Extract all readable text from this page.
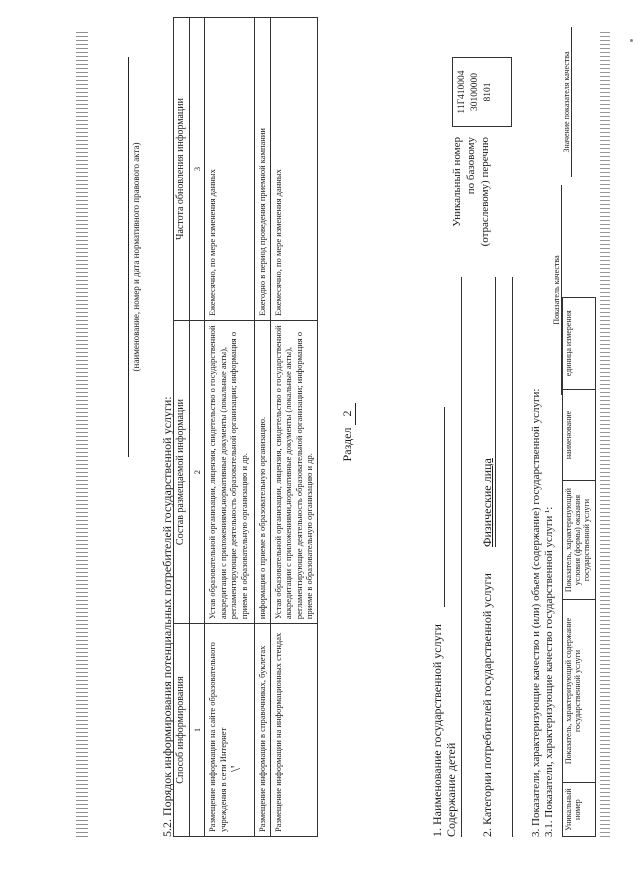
(наименование, номер и дата нормативного правового акта)
5.2. Порядок информирования потенциальных потребителей государственной услуги: Способ информирования	Состав размещаемой информации	Частота обновления информации
1	2	3
Размещение информации на сайте образовательного учреждения в сети Интернет \'	Устав образовательной организации, лицензия, свидетельство о государственной аккредитации с приложениями,нормативные документы (локальные акты), регламентирующие деятельность образовательной организации; информация о приеме в образовательную организацию и др.	Ежемесячно, по мере изменения данных
Размещение информации в справочниках, буклетах	информация о приеме в образовательную организацию.	Ежегодно в период проведения приемной кампании
Размещение информации на информационных стендах	Устав образовательной организации, лицензия, свидетельство о государственной аккредитации с приложениями,нормативные документы (локальные акты), регламентирующие деятельность образовательной организации; информация о приеме в образовательную организацию и др.	Ежемесячно, по мере изменения данных
Раздел 2
1. Наименование государственной услуги Содержание детей 2. Категории потребителей государственной услуги
Физические лица
Уникальный номер по базовому (отраслевому) перечню
11Г410004 30100000 8101
3. Показатели, характеризующие качество и (или) объем (содержание) государственной услуги: 3.1. Показатели, характеризующие качество государственной услуги ¹: Уникальный номер	Показатель, характеризующий содержание государственной услуги	Показатель, характеризующий условия (формы) оказания государственной услуги	наименование	единица измерения
Показатель качества
Значение показателя качества
